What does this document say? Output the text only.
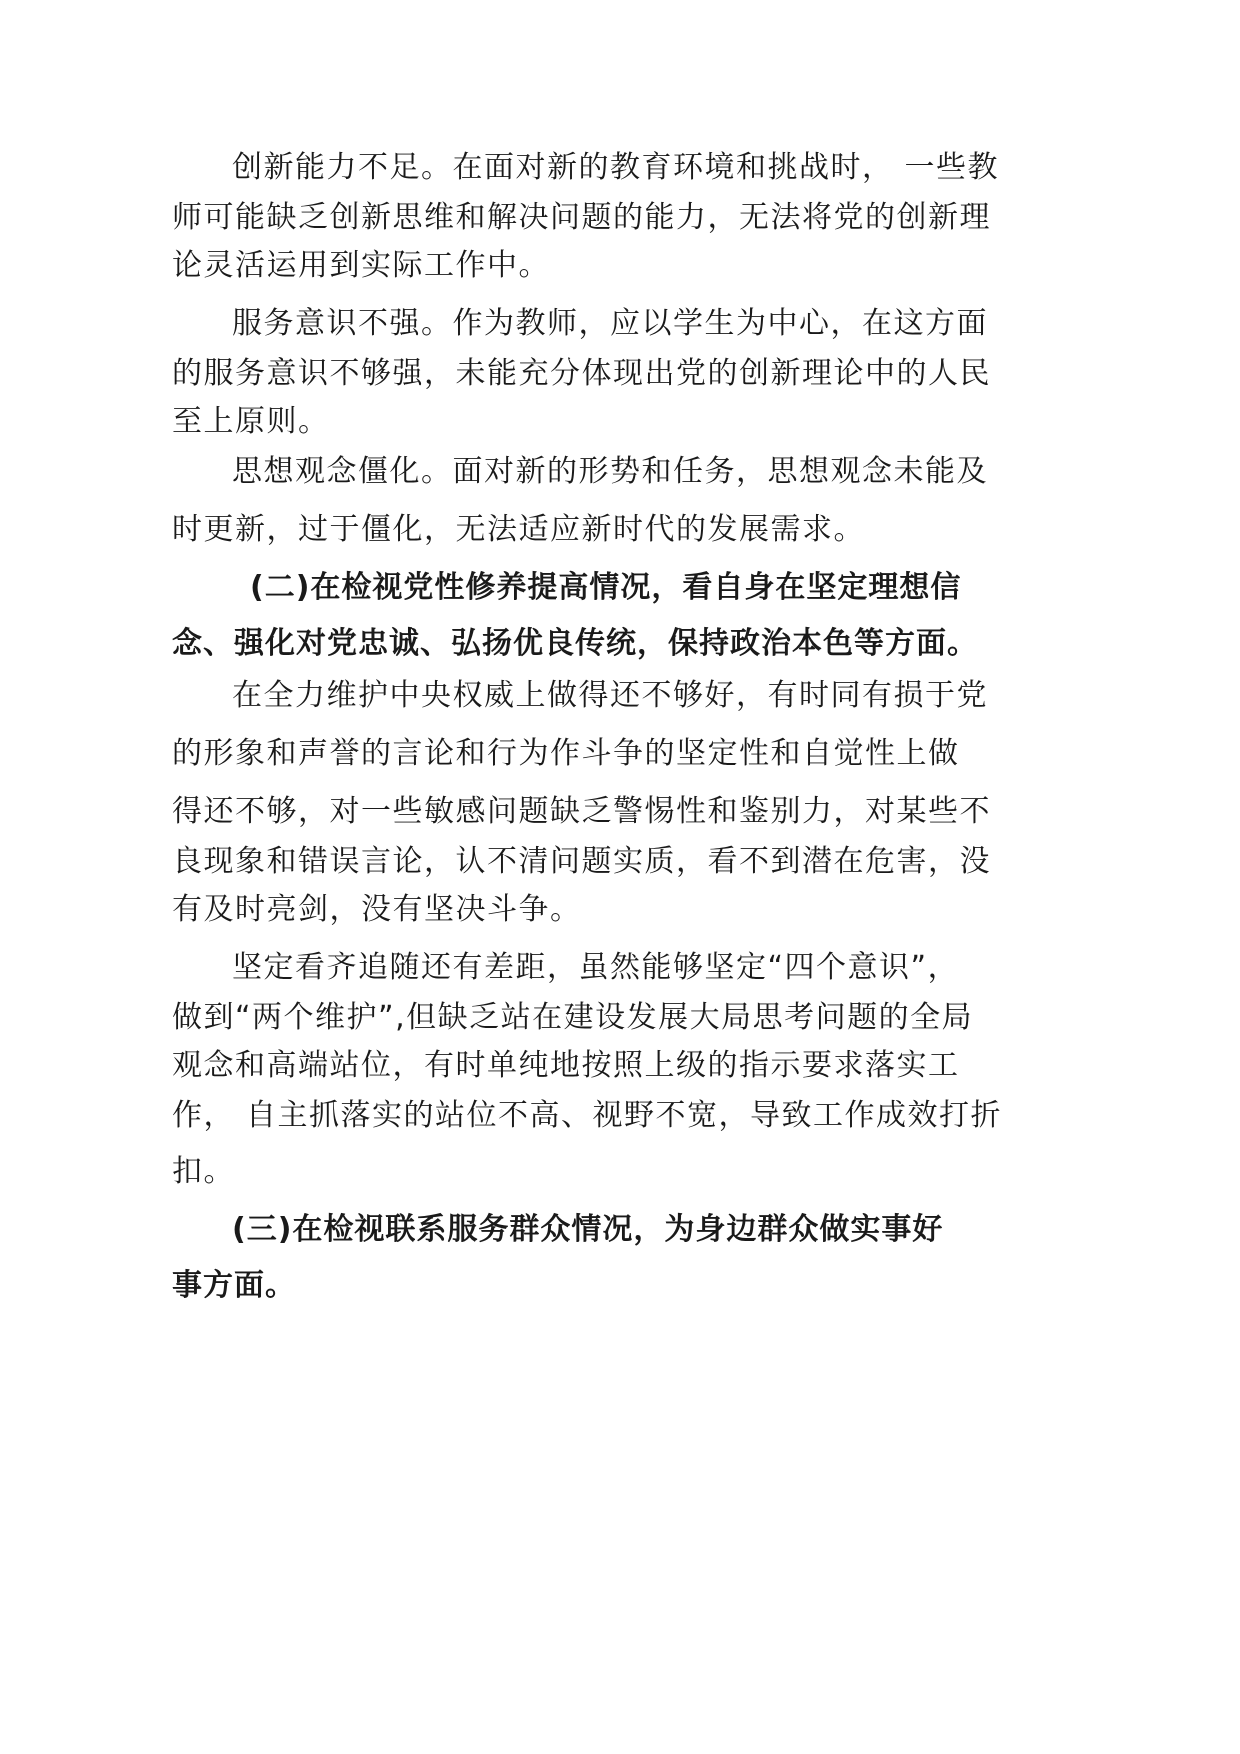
创新能力不足。在面对新的教育环境和挑战时， 一些教

师可能缺乏创新思维和解决问题的能力，无法将党的创新理

论灵活运用到实际工作中。

服务意识不强。作为教师，应以学生为中心，在这方面

的服务意识不够强，未能充分体现出党的创新理论中的人民

至上原则。

思想观念僵化。面对新的形势和任务，思想观念未能及

时更新，过于僵化，无法适应新时代的发展需求。

(二)在检视党性修养提高情况，看自身在坚定理想信

念、强化对党忠诚、弘扬优良传统，保持政治本色等方面。

在全力维护中央权威上做得还不够好，有时同有损于党

的形象和声誉的言论和行为作斗争的坚定性和自觉性上做

得还不够，对一些敏感问题缺乏警惕性和鉴别力，对某些不

良现象和错误言论，认不清问题实质，看不到潜在危害，没

有及时亮剑，没有坚决斗争。

坚定看齐追随还有差距，虽然能够坚定“四个意识”，

做到“两个维护”,但缺乏站在建设发展大局思考问题的全局

观念和高端站位，有时单纯地按照上级的指示要求落实工

作， 自主抓落实的站位不高、视野不宽，导致工作成效打折

扣。

(三)在检视联系服务群众情况，为身边群众做实事好

事方面。
